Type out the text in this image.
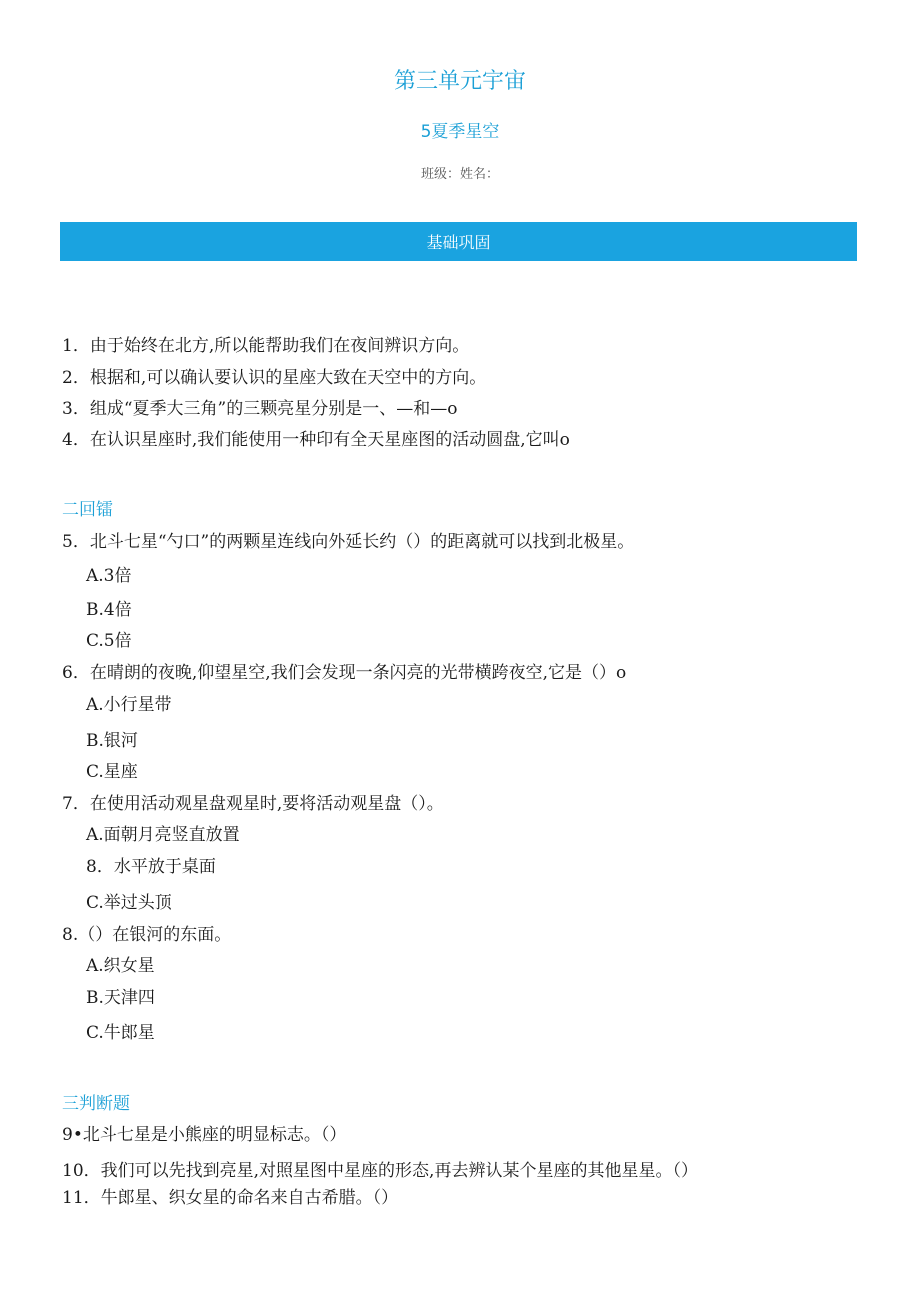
第三单元宇宙
5夏季星空
班级：姓名：
基础巩固
1．由于始终在北方,所以能帮助我们在夜间辨识方向。
2．根据和,可以确认要认识的星座大致在天空中的方向。
3．组成“夏季大三角”的三颗亮星分别是一、—和—o
4．在认识星座时,我们能使用一种印有全天星座图的活动圆盘,它叫o
二回镭
5．北斗七星“勺口”的两颗星连线向外延长约（）的距离就可以找到北极星。
A.3倍
B.4倍
C.5倍
6．在晴朗的夜晚,仰望星空,我们会发现一条闪亮的光带横跨夜空,它是（）o
A.小行星带
B.银河
C.星座
7．在使用活动观星盘观星时,要将活动观星盘（）。
A.面朝月亮竖直放置
8．水平放于桌面
C.举过头顶
8.（）在银河的东面。
A.织女星
B.天津四
C.牛郎星
三判断题
9•北斗七星是小熊座的明显标志。（）
10．我们可以先找到亮星,对照星图中星座的形态,再去辨认某个星座的其他星星。（）
11．牛郎星、织女星的命名来自古希腊。（）
